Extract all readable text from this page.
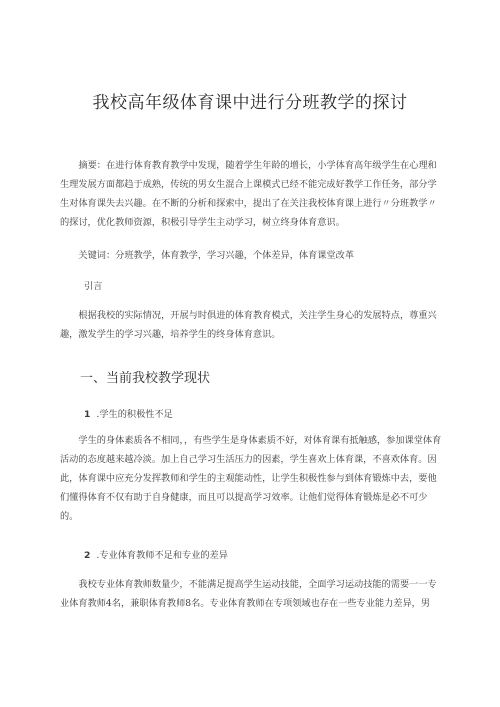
我校高年级体育课中进行分班教学的探讨

摘要：在进行体育教育教学中发现，随着学生年龄的增长，小学体育高年级学生在心理和生理发展方面都趋于成熟，传统的男女生混合上课模式已经不能完成好教学工作任务，部分学生对体育课失去兴趣。在不断的分析和探索中，提出了在关注我校体育课上进行〃分班教学〃的探讨，优化教师资源，积极引导学生主动学习，树立终身体育意识。

关键词：分班教学，体育教学，学习兴趣，个体差异，体育课堂改革

引言

根据我校的实际情况，开展与时俱进的体育教育模式，关注学生身心的发展特点，尊重兴趣，激发学生的学习兴趣，培养学生的终身体育意识。

一、当前我校教学现状
1 .学生的积极性不足

学生的身体素质各不相同，，有些学生是身体素质不好，对体育课有抵触感，参加课堂体育活动的态度越来越冷淡。加上自己学习生活压力的因素，学生喜欢上体育课，不喜欢体育。因此，体育课中应充分发挥教师和学生的主观能动性，让学生积极性参与到体育锻炼中去，要他们懂得体育不仅有助于自身健康，而且可以提高学习效率。让他们觉得体育锻炼是必不可少的。

2 .专业体育教师不足和专业的差异

我校专业体育教师数量少，不能满足提高学生运动技能，全面学习运动技能的需要一一专业体育教师4名，兼职体育教师8名。专业体育教师在专项领域也存在一些专业能力差异，男
